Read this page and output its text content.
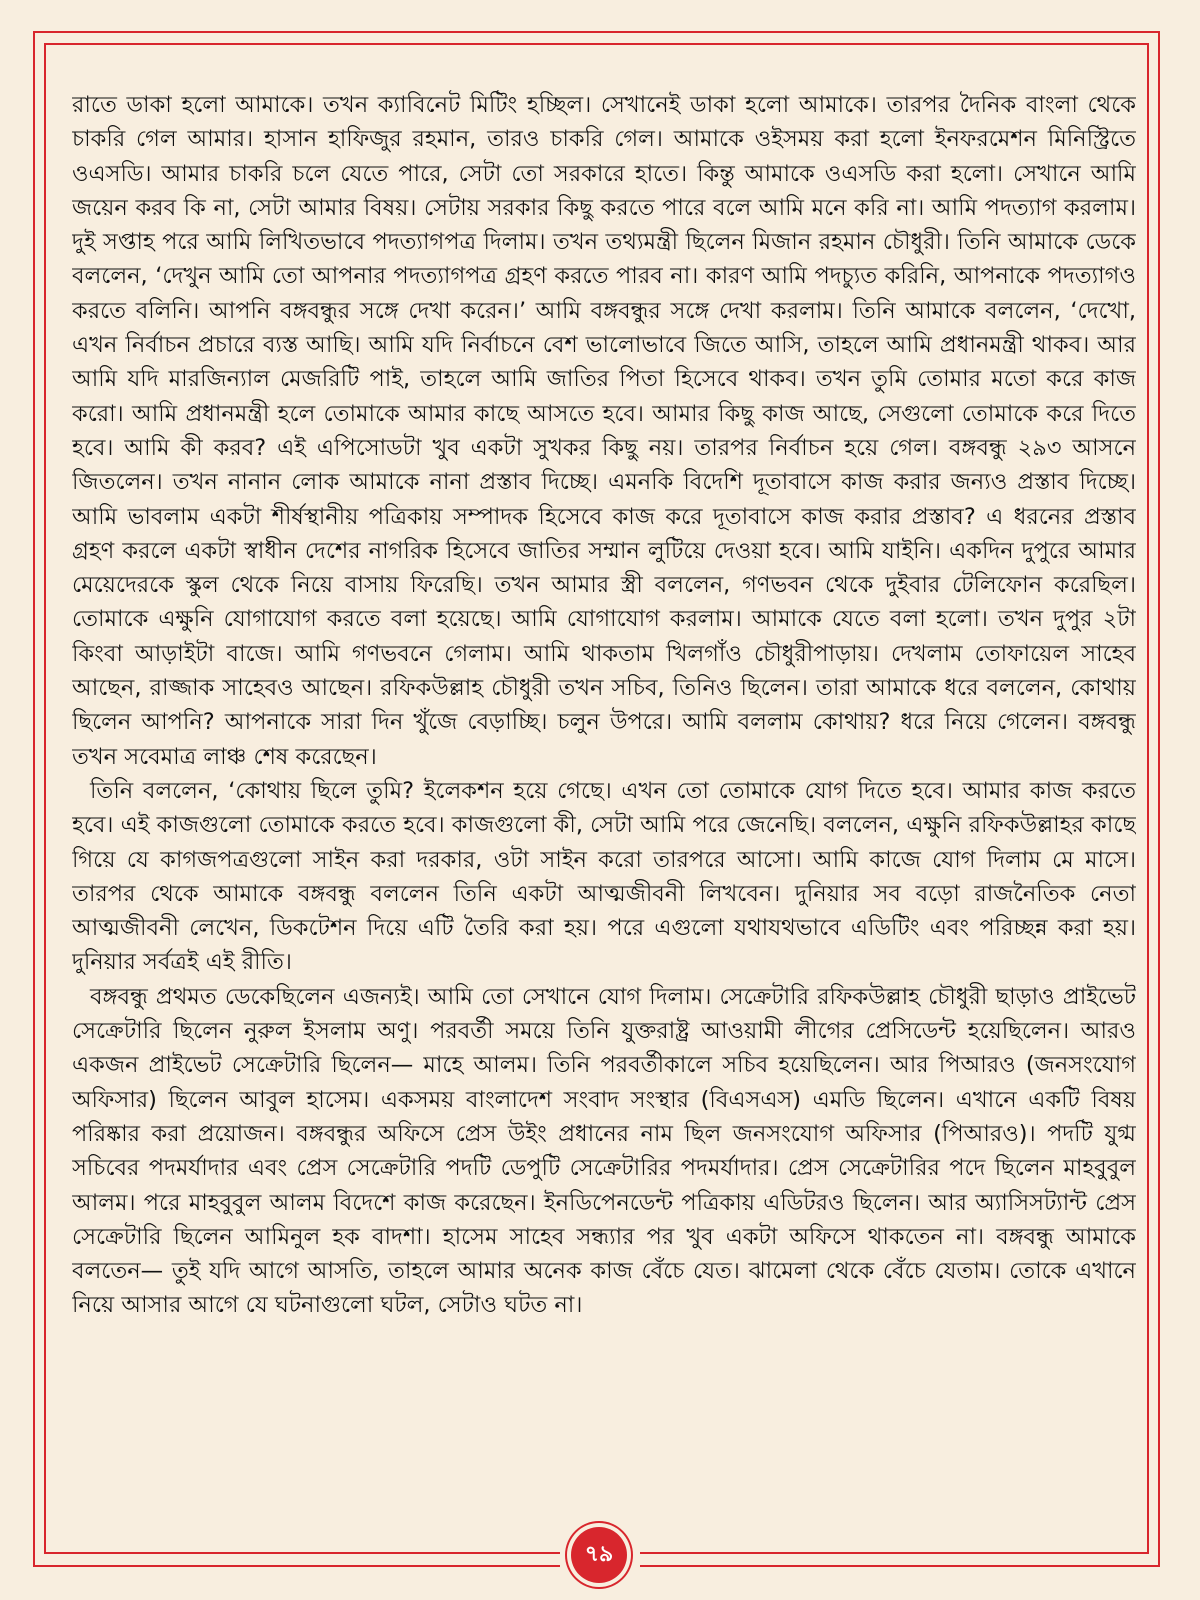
রাতে ডাকা হলো আমাকে। তখন ক্যাবিনেট মিটিং হচ্ছিল। সেখানেই ডাকা হলো আমাকে। তারপর দৈনিক বাংলা থেকে চাকরি গেল আমার। হাসান হাফিজুর রহমান, তারও চাকরি গেল। আমাকে ওইসময় করা হলো ইনফরমেশন মিনিস্ট্রিতে ওএসডি। আমার চাকরি চলে যেতে পারে, সেটা তো সরকারে হাতে। কিন্তু আমাকে ওএসডি করা হলো। সেখানে আমি জয়েন করব কি না, সেটা আমার বিষয়। সেটায় সরকার কিছু করতে পারে বলে আমি মনে করি না। আমি পদত্যাগ করলাম। দুই সপ্তাহ পরে আমি লিখিতভাবে পদত্যাগপত্র দিলাম। তখন তথ্যমন্ত্রী ছিলেন মিজান রহমান চৌধুরী। তিনি আমাকে ডেকে বললেন, ‘দেখুন আমি তো আপনার পদত্যাগপত্র গ্রহণ করতে পারব না। কারণ আমি পদচ্যুত করিনি, আপনাকে পদত্যাগও করতে বলিনি। আপনি বঙ্গবন্ধুর সঙ্গে দেখা করেন।’ আমি বঙ্গবন্ধুর সঙ্গে দেখা করলাম। তিনি আমাকে বললেন, ‘দেখো, এখন নির্বাচন প্রচারে ব্যস্ত আছি। আমি যদি নির্বাচনে বেশ ভালোভাবে জিতে আসি, তাহলে আমি প্রধানমন্ত্রী থাকব। আর আমি যদি মারজিন্যাল মেজরিটি পাই, তাহলে আমি জাতির পিতা হিসেবে থাকব। তখন তুমি তোমার মতো করে কাজ করো। আমি প্রধানমন্ত্রী হলে তোমাকে আমার কাছে আসতে হবে। আমার কিছু কাজ আছে, সেগুলো তোমাকে করে দিতে হবে। আমি কী করব? এই এপিসোডটা খুব একটা সুখকর কিছু নয়। তারপর নির্বাচন হয়ে গেল। বঙ্গবন্ধু ২৯৩ আসনে জিতলেন। তখন নানান লোক আমাকে নানা প্রস্তাব দিচ্ছে। এমনকি বিদেশি দূতাবাসে কাজ করার জন্যও প্রস্তাব দিচ্ছে। আমি ভাবলাম একটা শীর্ষস্থানীয় পত্রিকায় সম্পাদক হিসেবে কাজ করে দূতাবাসে কাজ করার প্রস্তাব? এ ধরনের প্রস্তাব গ্রহণ করলে একটা স্বাধীন দেশের নাগরিক হিসেবে জাতির সম্মান লুটিয়ে দেওয়া হবে। আমি যাইনি। একদিন দুপুরে আমার মেয়েদেরকে স্কুল থেকে নিয়ে বাসায় ফিরেছি। তখন আমার স্ত্রী বললেন, গণভবন থেকে দুইবার টেলিফোন করেছিল। তোমাকে এক্ষুনি যোগাযোগ করতে বলা হয়েছে। আমি যোগাযোগ করলাম। আমাকে যেতে বলা হলো। তখন দুপুর ২টা কিংবা আড়াইটা বাজে। আমি গণভবনে গেলাম। আমি থাকতাম খিলগাঁও চৌধুরীপাড়ায়। দেখলাম তোফায়েল সাহেব আছেন, রাজ্জাক সাহেবও আছেন। রফিকউল্লাহ চৌধুরী তখন সচিব, তিনিও ছিলেন। তারা আমাকে ধরে বললেন, কোথায় ছিলেন আপনি? আপনাকে সারা দিন খুঁজে বেড়াচ্ছি। চলুন উপরে। আমি বললাম কোথায়? ধরে নিয়ে গেলেন। বঙ্গবন্ধু তখন সবেমাত্র লাঞ্চ শেষ করেছেন।

তিনি বললেন, ‘কোথায় ছিলে তুমি? ইলেকশন হয়ে গেছে। এখন তো তোমাকে যোগ দিতে হবে। আমার কাজ করতে হবে। এই কাজগুলো তোমাকে করতে হবে। কাজগুলো কী, সেটা আমি পরে জেনেছি। বললেন, এক্ষুনি রফিকউল্লাহর কাছে গিয়ে যে কাগজপত্রগুলো সাইন করা দরকার, ওটা সাইন করো তারপরে আসো। আমি কাজে যোগ দিলাম মে মাসে। তারপর থেকে আমাকে বঙ্গবন্ধু বললেন তিনি একটা আত্মজীবনী লিখবেন। দুনিয়ার সব বড়ো রাজনৈতিক নেতা আত্মজীবনী লেখেন, ডিকটেশন দিয়ে এটি তৈরি করা হয়। পরে এগুলো যথাযথভাবে এডিটিং এবং পরিচ্ছন্ন করা হয়। দুনিয়ার সর্বত্রই এই রীতি।

বঙ্গবন্ধু প্রথমত ডেকেছিলেন এজন্যই। আমি তো সেখানে যোগ দিলাম। সেক্রেটারি রফিকউল্লাহ চৌধুরী ছাড়াও প্রাইভেট সেক্রেটারি ছিলেন নুরুল ইসলাম অণু। পরবর্তী সময়ে তিনি যুক্তরাষ্ট্র আওয়ামী লীগের প্রেসিডেন্ট হয়েছিলেন। আরও একজন প্রাইভেট সেক্রেটারি ছিলেন— মাহে আলম। তিনি পরবর্তীকালে সচিব হয়েছিলেন। আর পিআরও (জনসংযোগ অফিসার) ছিলেন আবুল হাসেম। একসময় বাংলাদেশ সংবাদ সংস্থার (বিএসএস) এমডি ছিলেন। এখানে একটি বিষয় পরিষ্কার করা প্রয়োজন। বঙ্গবন্ধুর অফিসে প্রেস উইং প্রধানের নাম ছিল জনসংযোগ অফিসার (পিআরও)। পদটি যুগ্ম সচিবের পদমর্যাদার এবং প্রেস সেক্রেটারি পদটি ডেপুটি সেক্রেটারির পদমর্যাদার। প্রেস সেক্রেটারির পদে ছিলেন মাহবুবুল আলম। পরে মাহবুবুল আলম বিদেশে কাজ করেছেন। ইনডিপেনডেন্ট পত্রিকায় এডিটরও ছিলেন। আর অ্যাসিসট্যান্ট প্রেস সেক্রেটারি ছিলেন আমিনুল হক বাদশা। হাসেম সাহেব সন্ধ্যার পর খুব একটা অফিসে থাকতেন না। বঙ্গবন্ধু আমাকে বলতেন— তুই যদি আগে আসতি, তাহলে আমার অনেক কাজ বেঁচে যেত। ঝামেলা থেকে বেঁচে যেতাম। তোকে এখানে নিয়ে আসার আগে যে ঘটনাগুলো ঘটল, সেটাও ঘটত না।

৭৯
